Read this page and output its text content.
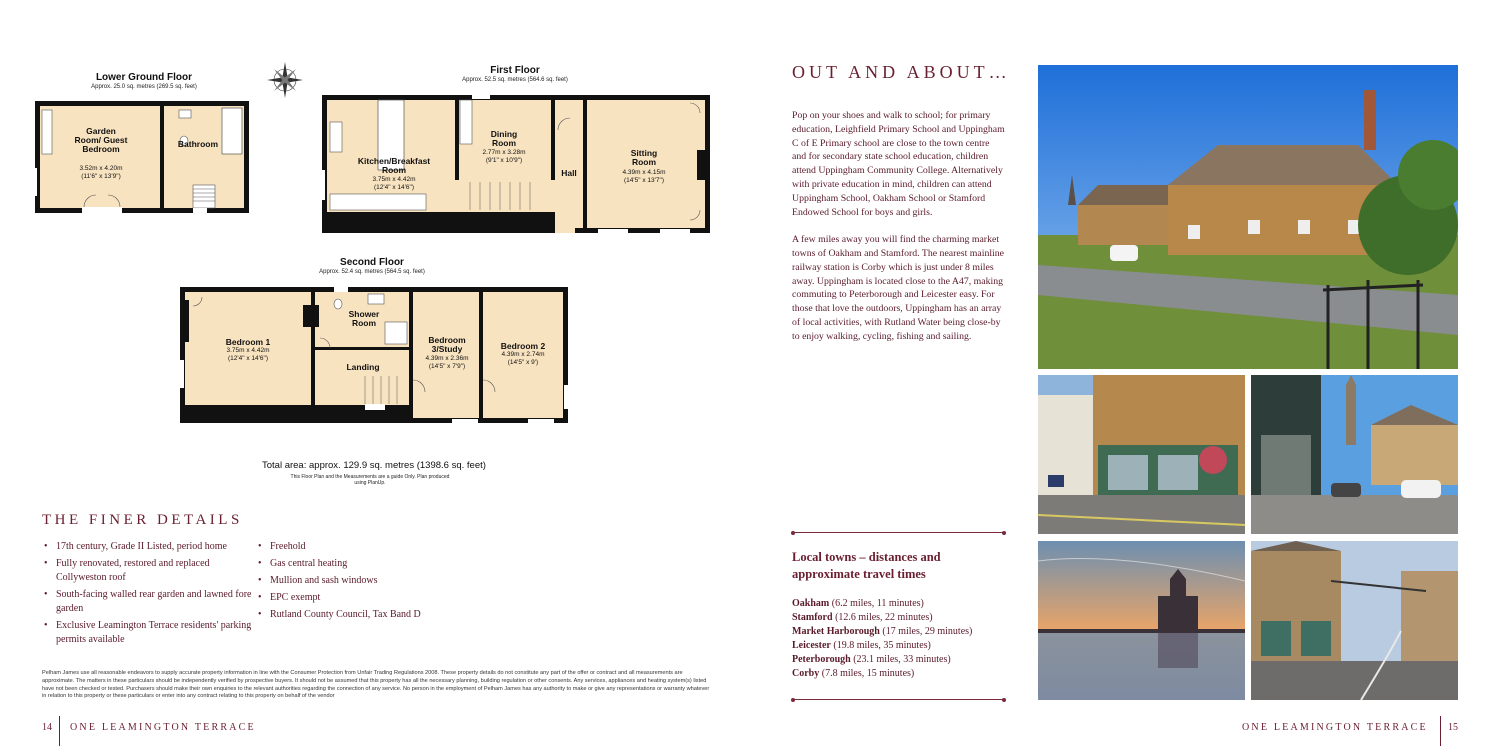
Lower Ground Floor
Approx. 25.0 sq. metres (269.5 sq. feet)
Garden Room/ Guest Bedroom
3.52m x 4.20m
(11'6" x 13'9")
Bathroom
First Floor
Approx. 52.5 sq. metres (564.6 sq. feet)
Kitchen/Breakfast Room
3.75m x 4.42m
(12'4" x 14'6")
Dining Room
2.77m x 3.28m
(9'1" x 10'9")
Hall
Sitting Room
4.39m x 4.15m
(14'5" x 13'7")
Second Floor
Approx. 52.4 sq. metres (564.5 sq. feet)
Bedroom 1
3.75m x 4.42m
(12'4" x 14'6")
Shower Room
Landing
Bedroom 3/Study
4.39m x 2.36m
(14'5" x 7'9")
Bedroom 2
4.39m x 2.74m
(14'5" x 9')
Total area: approx. 129.9 sq. metres (1398.6 sq. feet)
This Floor Plan and the Measurements are a guide Only. Plan produced using PlanUp.
THE FINER DETAILS
• 17th century, Grade II Listed, period home
• Fully renovated, restored and replaced Collyweston roof
• South-facing walled rear garden and lawned fore garden
• Exclusive Leamington Terrace residents' parking permits available
• Freehold
• Gas central heating
• Mullion and sash windows
• EPC exempt
• Rutland County Council, Tax Band D
Pelham James use all reasonable endeavors to supply accurate property information in line with the Consumer Protection from Unfair Trading Regulations 2008. These property details do not constitute any part of the offer or contract and all measurements are approximate. The matters in these particulars should be independently verified by prospective buyers. It should not be assumed that this property has all the necessary planning, building regulation or other consents. Any services, appliances and heating system(s) listed have not been checked or tested. Purchasers should make their own enquiries to the relevant authorities regarding the connection of any service. No person in the employment of Pelham James has any authority to make or give any representations or warranty whatever in relation to this property or these particulars or enter into any contract relating to this property on behalf of the vendor
14 ONE LEAMINGTON TERRACE
OUT AND ABOUT…

Pop on your shoes and walk to school; for primary education, Leighfield Primary School and Uppingham C of E Primary school are close to the town centre and for secondary state school education, children attend Uppingham Community College. Alternatively with private education in mind, children can attend Uppingham School, Oakham School or Stamford Endowed School for boys and girls.

A few miles away you will find the charming market towns of Oakham and Stamford. The nearest mainline railway station is Corby which is just under 8 miles away. Uppingham is located close to the A47, making commuting to Peterborough and Leicester easy. For those that love the outdoors, Uppingham has an array of local activities, with Rutland Water being close-by to enjoy walking, cycling, fishing and sailing.

Local towns – distances and approximate travel times
Oakham (6.2 miles, 11 minutes)
Stamford (12.6 miles, 22 minutes)
Market Harborough (17 miles, 29 minutes)
Leicester (19.8 miles, 35 minutes)
Peterborough (23.1 miles, 33 minutes)
Corby (7.8 miles, 15 minutes)
ONE LEAMINGTON TERRACE 15
